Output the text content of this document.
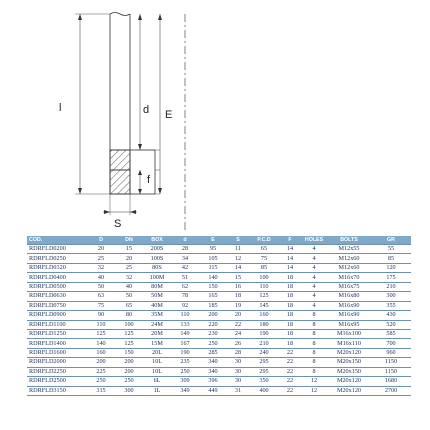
l	d E
f
S
COD.	D	DN	BOX	d	E	S	P.C.D	F	HOLES	BOLTS	GR
RDRFLD0200	20	15	200S	28	95	11	65	14	4	M12x55	55
RDRFLD0250	25	20	100S	34	105	12	75	14	4	M12x60	85
RDRFLD0320	32	25	80S	42	115	14	85	14	4	M12x60	120
RDRFLD0400	40	32	100M	51	140	15	100	18	4	M16x70	175
RDRFLD0500	50	40	80M	62	150	16	110	18	4	M16x75	210
RDRFLD0630	63	50	50M	78	165	18	125	18	4	M16x80	300
RDRFLD0750	75	65	40M	92	185	19	145	18	4	M16x90	355
RDRFLD0900	90	80	35M	110	200	20	160	18	8	M16x90	430
RDRFLD1100	110	100	24M	133	220	22	180	18	8	M16x95	520
RDRFLD1250	125	125	20M	149	230	24	190	18	8	M16x100	585
RDRFLD1400	140	125	15M	167	250	26	210	18	8	M16x110	700
RDRFLD1600	160	150	20L	190	285	28	240	22	8	M20x120	960
RDRFLD2000	200	200	10L	235	340	30	295	22	8	M20x150	1150
RDRFLD2250	225	200	10L	250	340	30	295	22	8	M20x150	1150
RDRFLD2500	250	250	6L	309	396	30	350	22	12	M20x120	1680
RDRFLD3150	315	300	1L	349	449	31	400	22	12	M20x120	2700
